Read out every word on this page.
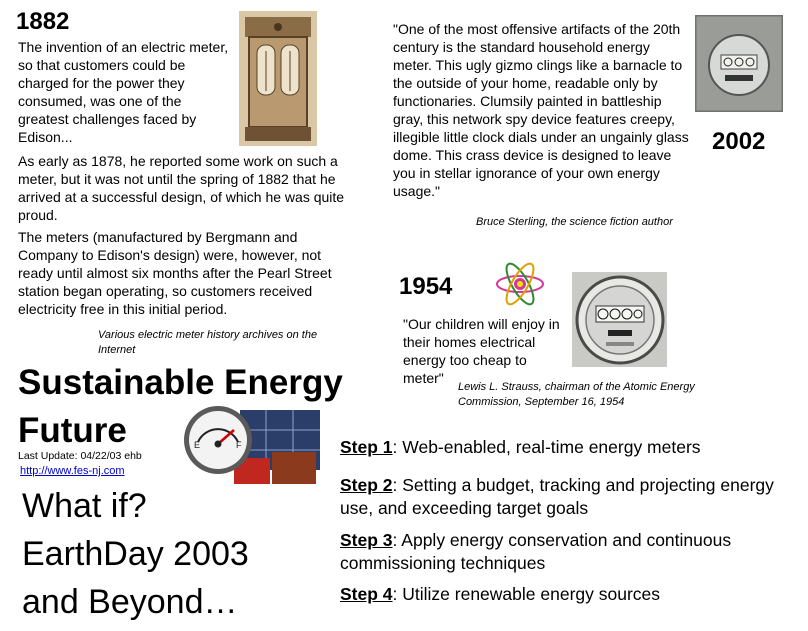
1882
The invention of an electric meter, so that customers could be charged for the power they consumed, was one of the greatest challenges faced by Edison...
As early as 1878, he reported some work on such a meter, but it was not until the spring of 1882 that he arrived at a successful design, of which he was quite proud.
The meters (manufactured by Bergmann and Company to Edison's design) were, however, not ready until almost six months after the Pearl Street station began operating, so customers received electricity free in this initial period.
Various electric meter history archives on the Internet
"One of the most offensive artifacts of the 20th century is the standard household energy meter. This ugly gizmo clings like a barnacle to the outside of your home, readable only by functionaries. Clumsily painted in battleship gray, this network spy device features creepy, illegible little clock dials under an ungainly glass dome. This crass device is designed to leave you in stellar ignorance of your own energy usage."
2002
Bruce Sterling, the science fiction author
1954
"Our children will enjoy in their homes electrical energy too cheap to meter"
Lewis L. Strauss, chairman of the Atomic Energy Commission, September 16, 1954
Sustainable Energy
Future	E	F
Last Update: 04/22/03 ehb
http://www.fes-nj.com
What if?
EarthDay 2003
and Beyond…
Step 1: Web-enabled, real-time energy meters
Step 2: Setting a budget, tracking and projecting energy use, and exceeding target goals
Step 3: Apply energy conservation and continuous commissioning techniques
Step 4: Utilize renewable energy sources
